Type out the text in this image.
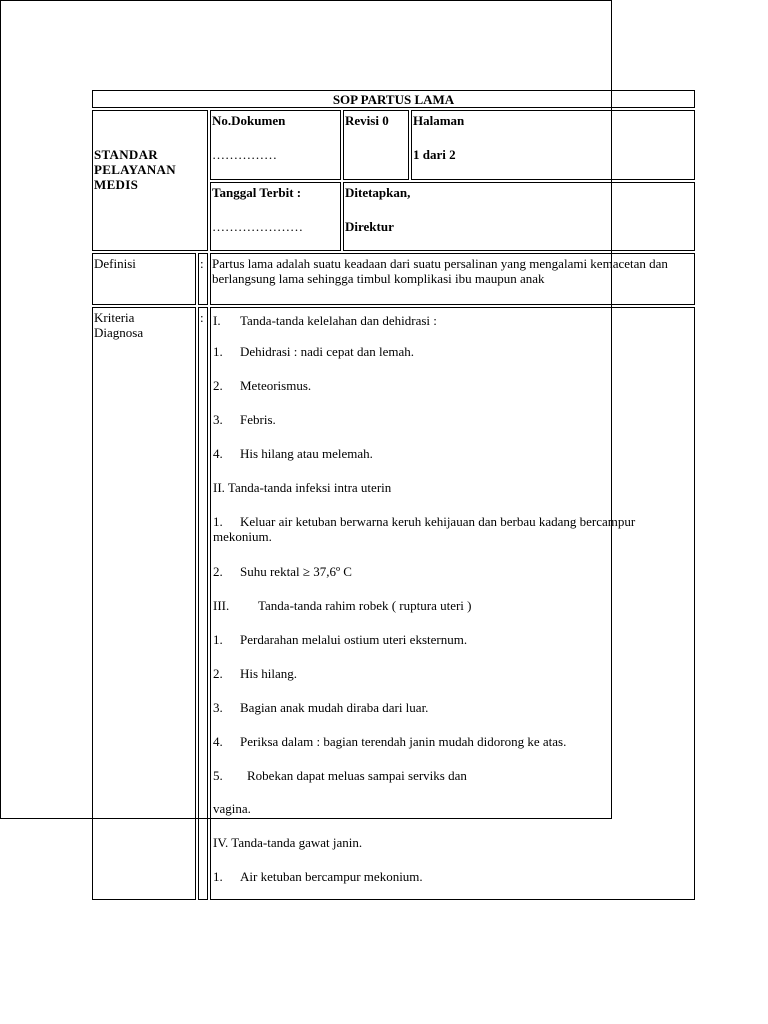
SOP PARTUS LAMA
STANDAR
PELAYANAN
MEDIS
No.Dokumen
……………
Revisi 0 Halaman
1 dari 2
Tanggal Terbit :
…………………
Ditetapkan,
Direktur
Definisi	: Partus lama adalah suatu keadaan dari suatu persalinan yang mengalami kemacetan dan berlangsung lama sehingga timbul komplikasi ibu maupun anak
Kriteria Diagnosa
: I. Tanda-tanda kelelahan dan dehidrasi :
1. Dehidrasi : nadi cepat dan lemah.
2. Meteorismus.
3. Febris.
4. His hilang atau melemah.
II. Tanda-tanda infeksi intra uterin
1. Keluar air ketuban berwarna keruh kehijauan dan berbau kadang bercampur mekonium.
2. Suhu rektal ≥ 37,6º C
III. Tanda-tanda rahim robek ( ruptura uteri )
1. Perdarahan melalui ostium uteri eksternum.
2. His hilang.
3. Bagian anak mudah diraba dari luar.
4. Periksa dalam : bagian terendah janin mudah didorong ke atas.
5. Robekan dapat meluas sampai serviks dan
vagina.
IV. Tanda-tanda gawat janin.
1. Air ketuban bercampur mekonium.
